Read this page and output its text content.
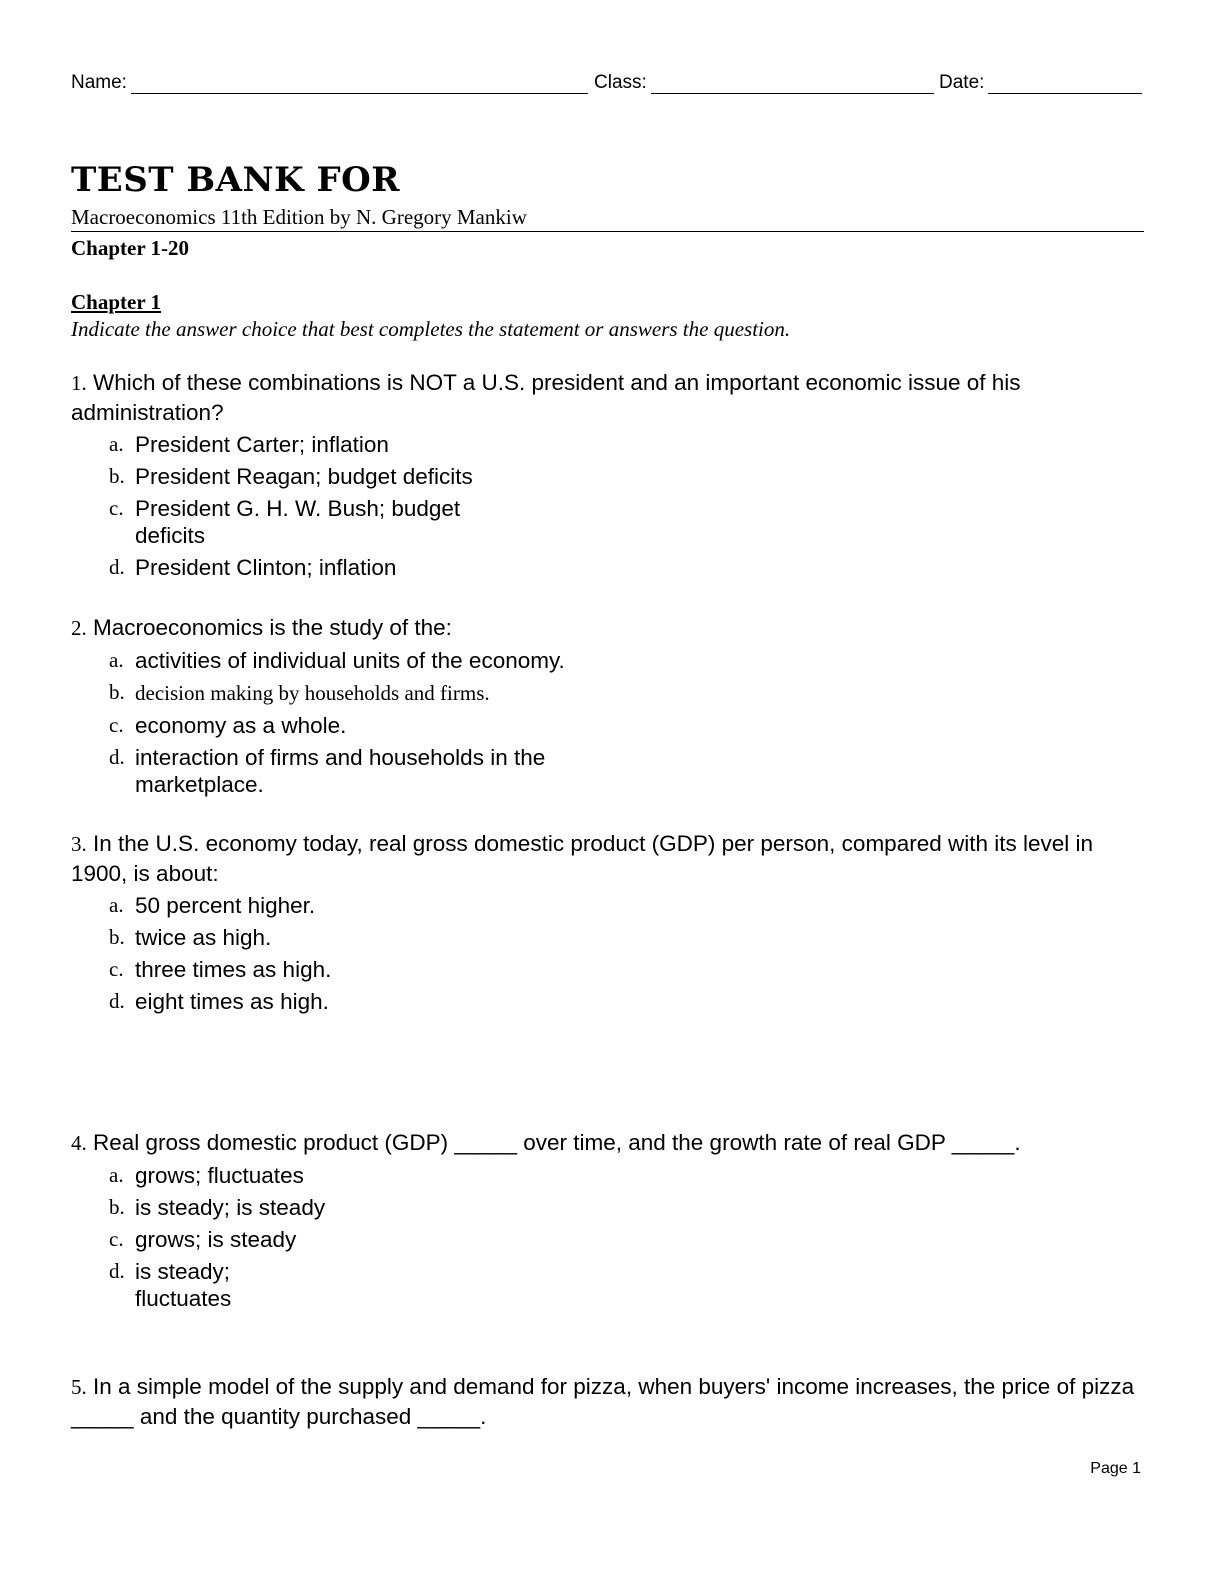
Name:	Class:	Date:
TEST BANK FOR
Macroeconomics 11th Edition by N. Gregory Mankiw
Chapter 1-20
Chapter 1
Indicate the answer choice that best completes the statement or answers the question.

1. Which of these combinations is NOT a U.S. president and an important economic issue of his administration?

a. President Carter; inflation
b. President Reagan; budget deficits
c. President G. H. W. Bush; budget deficits
d. President Clinton; inflation

2. Macroeconomics is the study of the:

a. activities of individual units of the economy.
b. decision making by households and firms.
c. economy as a whole.
d. interaction of firms and households in the marketplace.

3. In the U.S. economy today, real gross domestic product (GDP) per person, compared with its level in 1900, is about:

a. 50 percent higher.
b. twice as high.
c. three times as high.
d. eight times as high.

4. Real gross domestic product (GDP) _____ over time, and the growth rate of real GDP _____.

a. grows; fluctuates
b. is steady; is steady
c. grows; is steady
d. is steady; fluctuates

5. In a simple model of the supply and demand for pizza, when buyers' income increases, the price of pizza _____ and the quantity purchased _____.

Page 1
